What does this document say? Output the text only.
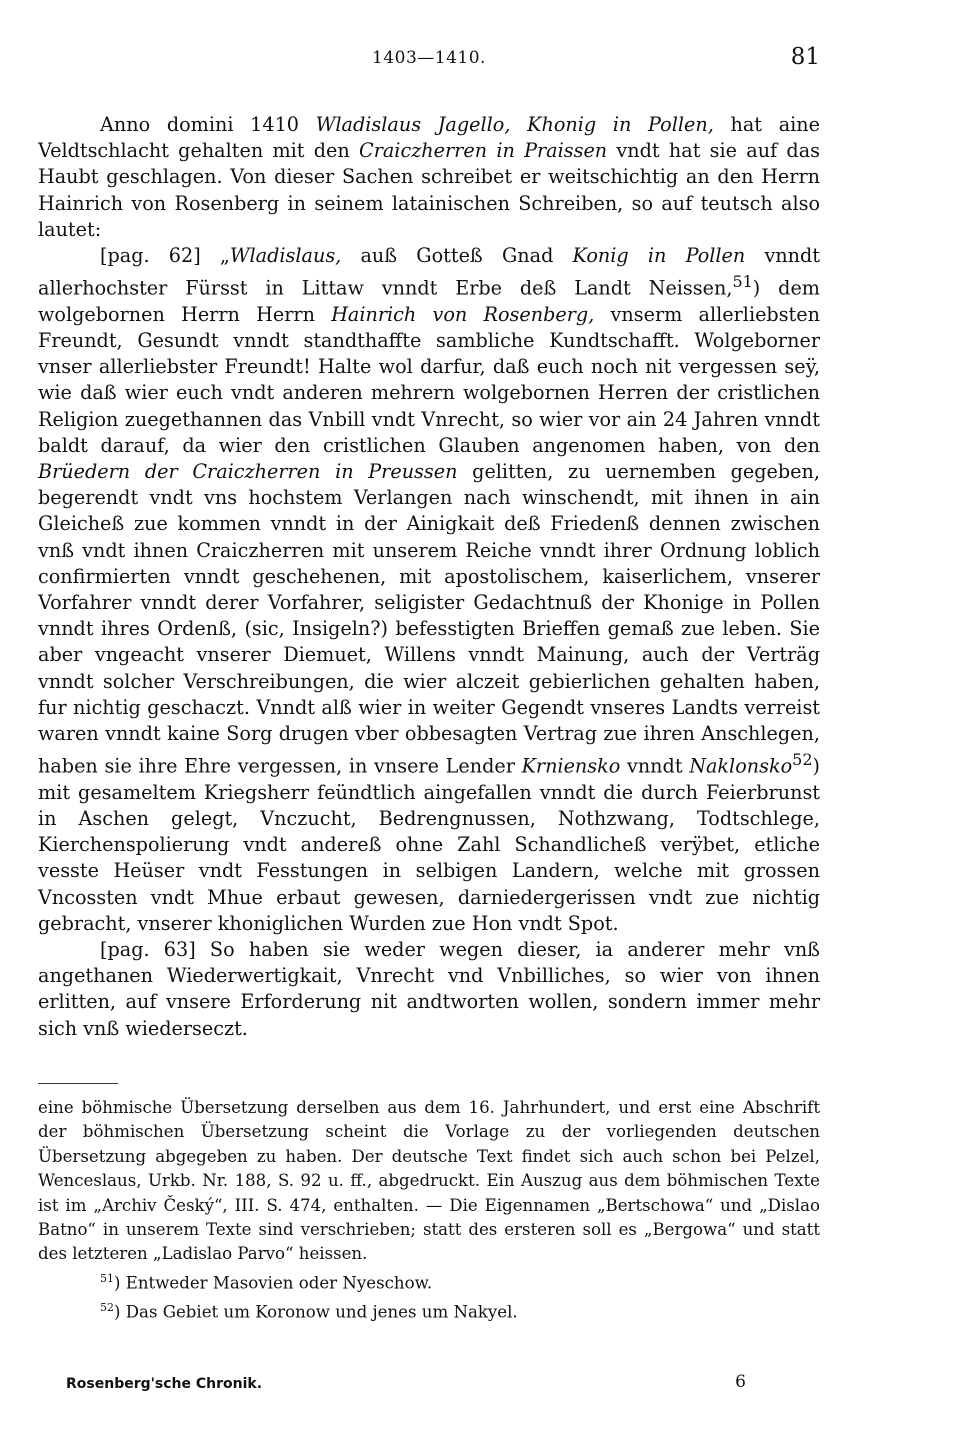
1403—1410.	81

Anno domini 1410 Wladislaus Jagello, Khonig in Pollen, hat aine Veldtschlacht gehalten mit den Craiczherren in Praissen vndt hat sie auf das Haubt geschlagen. Von dieser Sachen schreibet er weitschichtig an den Herrn Hainrich von Rosenberg in seinem latainischen Schreiben, so auf teutsch also lautet:

[pag. 62] „Wladislaus, auß Gotteß Gnad Konig in Pollen vnndt allerhochster Fürsst in Littaw vnndt Erbe deß Landt Neissen,$^{51}$) dem wolgebornen Herrn Herrn Hainrich von Rosenberg, vnserm allerliebsten Freundt, Gesundt vnndt standthaffte sambliche Kundtschafft. Wolgeborner vnser allerliebster Freundt! Halte wol darfur, daß euch noch nit vergessen seÿ, wie daß wier euch vndt anderen mehrern wolgebornen Herren der cristlichen Religion zuegethannen das Vnbill vndt Vnrecht, so wier vor ain 24 Jahren vnndt baldt darauf, da wier den cristlichen Glauben angenomen haben, von den Brüedern der Craiczherren in Preussen gelitten, zu uernemben gegeben, begerendt vndt vns hochstem Verlangen nach winschendt, mit ihnen in ain Gleicheß zue kommen vnndt in der Ainigkait deß Friedenß dennen zwischen vnß vndt ihnen Craiczherren mit unserem Reiche vnndt ihrer Ordnung loblich confirmierten vnndt geschehenen, mit apostolischem, kaiserlichem, vnserer Vorfahrer vnndt derer Vorfahrer, seligister Gedachtnuß der Khonige in Pollen vnndt ihres Ordenß, (sic, Insigeln?) befesstigten Brieffen gemaß zue leben. Sie aber vngeacht vnserer Diemuet, Willens vnndt Mainung, auch der Verträg vnndt solcher Verschreibungen, die wier alczeit gebierlichen gehalten haben, fur nichtig geschaczt. Vnndt alß wier in weiter Gegendt vnseres Landts verreist waren vnndt kaine Sorg drugen vber obbesagten Vertrag zue ihren Anschlegen, haben sie ihre Ehre vergessen, in vnsere Lender Krniensko vnndt Naklonsko$^{52}$) mit gesameltem Kriegsherr feündtlich aingefallen vnndt die durch Feierbrunst in Aschen gelegt, Vnczucht, Bedrengnussen, Nothzwang, Todtschlege, Kierchenspolierung vndt andereß ohne Zahl Schandlicheß verÿbet, etliche vesste Heüser vndt Fesstungen in selbigen Landern, welche mit grossen Vncossten vndt Mhue erbaut gewesen, darniedergerissen vndt zue nichtig gebracht, vnserer khoniglichen Wurden zue Hon vndt Spot.

[pag. 63] So haben sie weder wegen dieser, ia anderer mehr vnß angethanen Wiederwertigkait, Vnrecht vnd Vnbilliches, so wier von ihnen erlitten, auf vnsere Erforderung nit andtworten wollen, sondern immer mehr sich vnß wiederseczt.

eine böhmische Übersetzung derselben aus dem 16. Jahrhundert, und erst eine Abschrift der böhmischen Übersetzung scheint die Vorlage zu der vorliegenden deutschen Übersetzung abgegeben zu haben. Der deutsche Text findet sich auch schon bei Pelzel, Wenceslaus, Urkb. Nr. 188, S. 92 u. ff., abgedruckt. Ein Auszug aus dem böhmischen Texte ist im „Archiv Český“, III. S. 474, enthalten. — Die Eigennamen „Bertschowa“ und „Dislao Batno“ in unserem Texte sind verschrieben; statt des ersteren soll es „Bergowa“ und statt des letzteren „Ladislao Parvo“ heissen.

$^{51}$) Entweder Masovien oder Nyeschow.

$^{52}$) Das Gebiet um Koronow und jenes um Nakyel.

Rosenberg'sche Chronik.	6
